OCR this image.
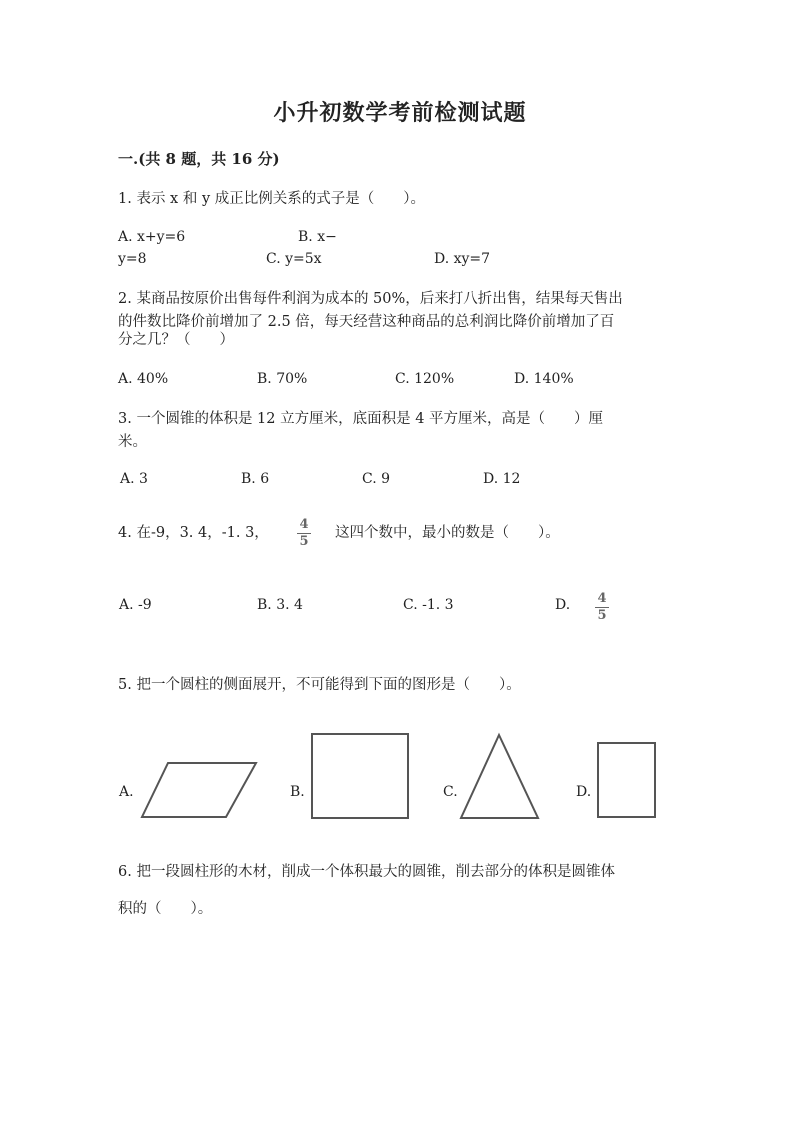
小升初数学考前检测试题
一.(共 8 题，共 16 分)
1. 表示 x 和 y 成正比例关系的式子是（　　）。
A. x+y=6	B. x−
y=8	C. y=5x	D. xy=7
2. 某商品按原价出售每件利润为成本的 50%，后来打八折出售，结果每天售出
的件数比降价前增加了 2.5 倍，每天经营这种商品的总利润比降价前增加了百
分之几？（　　）
A. 40%	B. 70%	C. 120%	D. 140%
3. 一个圆锥的体积是 12 立方厘米，底面积是 4 平方厘米，高是（　　）厘
米。
A. 3	B. 6	C. 9	D. 12
4. 在-9，3. 4，-1. 3，
4
5
这四个数中，最小的数是（　　）。
A. -9	B. 3. 4	C. -1. 3	D. 4
5
5. 把一个圆柱的侧面展开，不可能得到下面的图形是（　　）。
A.	B.	C.	D.
6. 把一段圆柱形的木材，削成一个体积最大的圆锥，削去部分的体积是圆锥体
积的（　　）。
